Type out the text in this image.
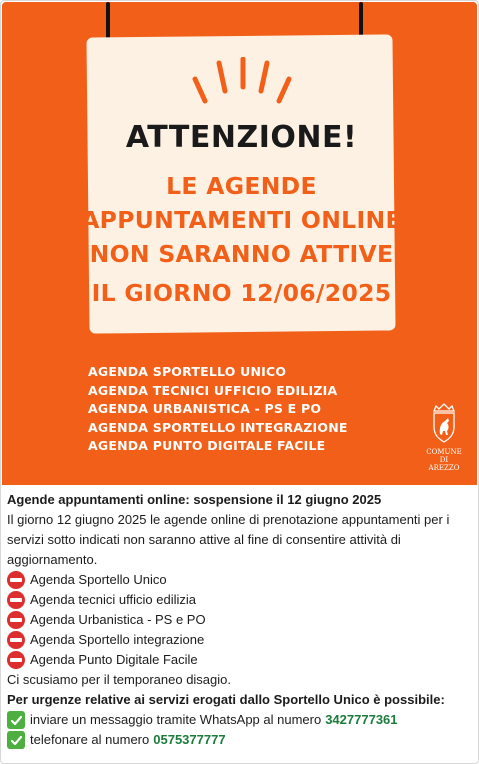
ATTENZIONE!
LE AGENDE
APPUNTAMENTI ONLINE
NON SARANNO ATTIVE
IL GIORNO 12/06/2025
AGENDA SPORTELLO UNICO
AGENDA TECNICI UFFICIO EDILIZIA
AGENDA URBANISTICA - PS E PO
AGENDA SPORTELLO INTEGRAZIONE
AGENDA PUNTO DIGITALE FACILE	COMUNE
DI
AREZZO

Agende appuntamenti online: sospensione il 12 giugno 2025

Il giorno 12 giugno 2025 le agende online di prenotazione appuntamenti per i servizi sotto indicati non saranno attive al fine di consentire attività di aggiornamento.

Agenda Sportello Unico
Agenda tecnici ufficio edilizia
Agenda Urbanistica - PS e PO
Agenda Sportello integrazione
Agenda Punto Digitale Facile

Ci scusiamo per il temporaneo disagio.

Per urgenze relative ai servizi erogati dallo Sportello Unico è possibile:

inviare un messaggio tramite WhatsApp al numero 3427777361
telefonare al numero 0575377777
